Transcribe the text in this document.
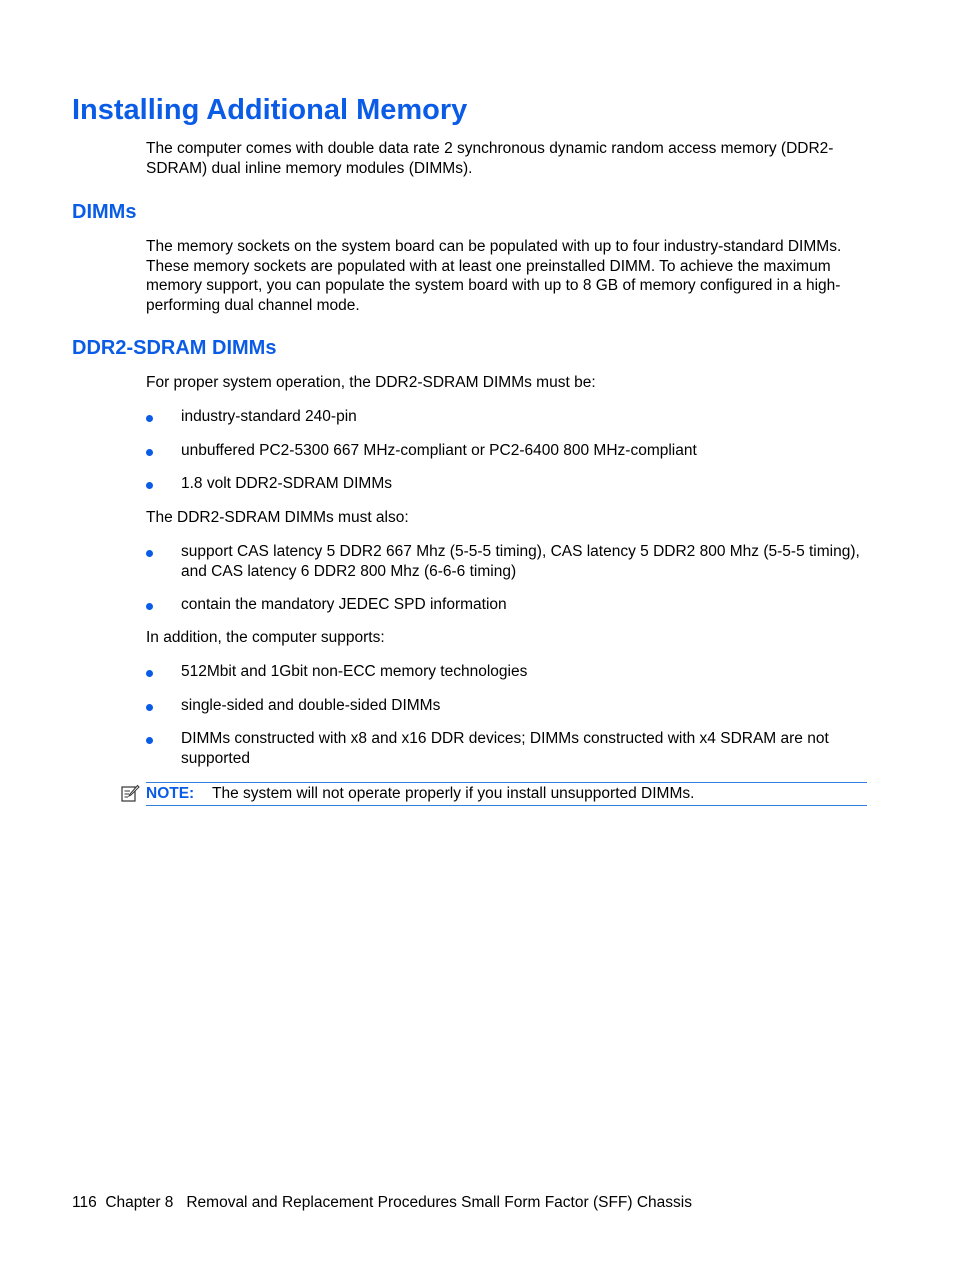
Installing Additional Memory

The computer comes with double data rate 2 synchronous dynamic random access memory (DDR2-SDRAM) dual inline memory modules (DIMMs).

DIMMs

The memory sockets on the system board can be populated with up to four industry-standard DIMMs. These memory sockets are populated with at least one preinstalled DIMM. To achieve the maximum memory support, you can populate the system board with up to 8 GB of memory configured in a high-performing dual channel mode.

DDR2-SDRAM DIMMs

For proper system operation, the DDR2-SDRAM DIMMs must be:

industry-standard 240-pin
unbuffered PC2-5300 667 MHz-compliant or PC2-6400 800 MHz-compliant
1.8 volt DDR2-SDRAM DIMMs

The DDR2-SDRAM DIMMs must also:

support CAS latency 5 DDR2 667 Mhz (5-5-5 timing), CAS latency 5 DDR2 800 Mhz (5-5-5 timing), and CAS latency 6 DDR2 800 Mhz (6-6-6 timing)
contain the mandatory JEDEC SPD information

In addition, the computer supports:

512Mbit and 1Gbit non-ECC memory technologies
single-sided and double-sided DIMMs
DIMMs constructed with x8 and x16 DDR devices; DIMMs constructed with x4 SDRAM are not supported
NOTE: The system will not operate properly if you install unsupported DIMMs.
116 Chapter 8 Removal and Replacement Procedures Small Form Factor (SFF) Chassis
